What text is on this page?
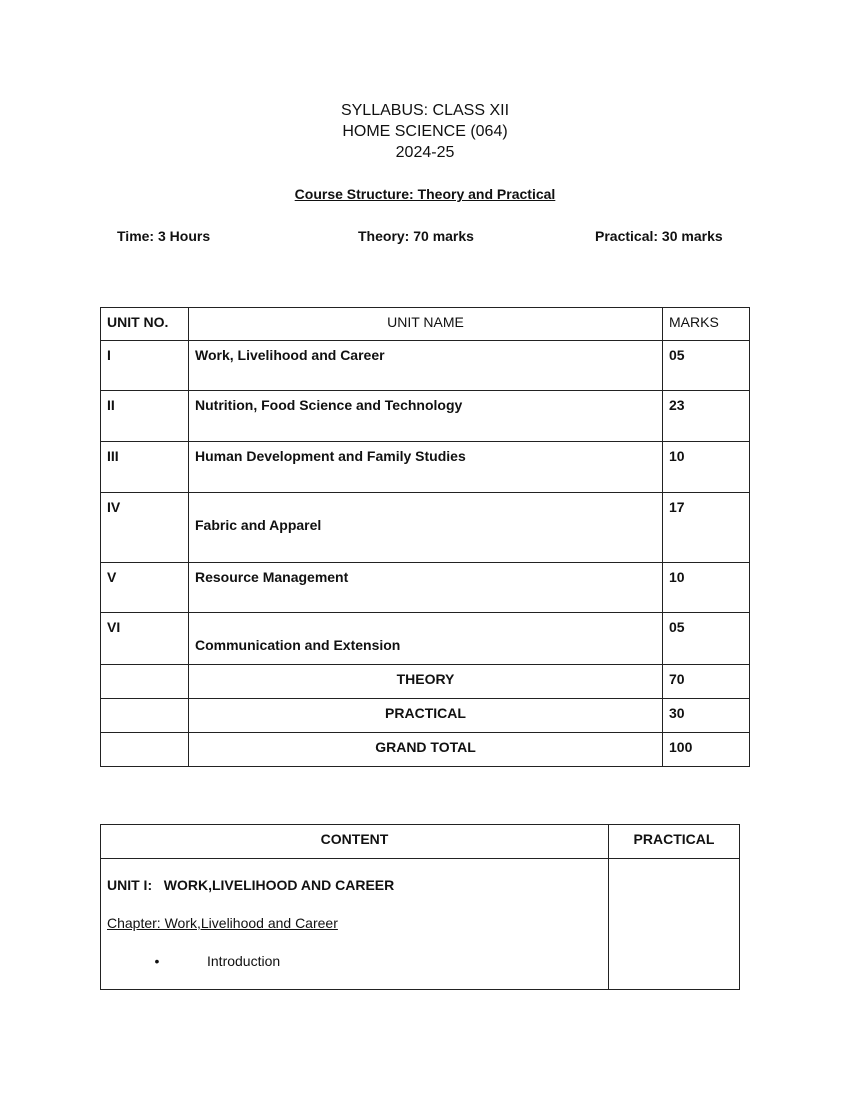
SYLLABUS: CLASS XII
HOME SCIENCE (064)
2024-25
Course Structure: Theory and Practical
Time: 3 Hours	Theory: 70 marks	Practical: 30 marks
UNIT NO.	UNIT NAME	MARKS
I	Work, Livelihood and Career	05
II	Nutrition, Food Science and Technology	23
III	Human Development and Family Studies	10
IV	Fabric and Apparel	17
V	Resource Management	10
VI	Communication and Extension	05
	THEORY	70
	PRACTICAL	30
	GRAND TOTAL	100
CONTENT	PRACTICAL

UNIT I:   WORK,LIVELIHOOD AND CAREER
Chapter: Work,Livelihood and Career
• Introduction	
